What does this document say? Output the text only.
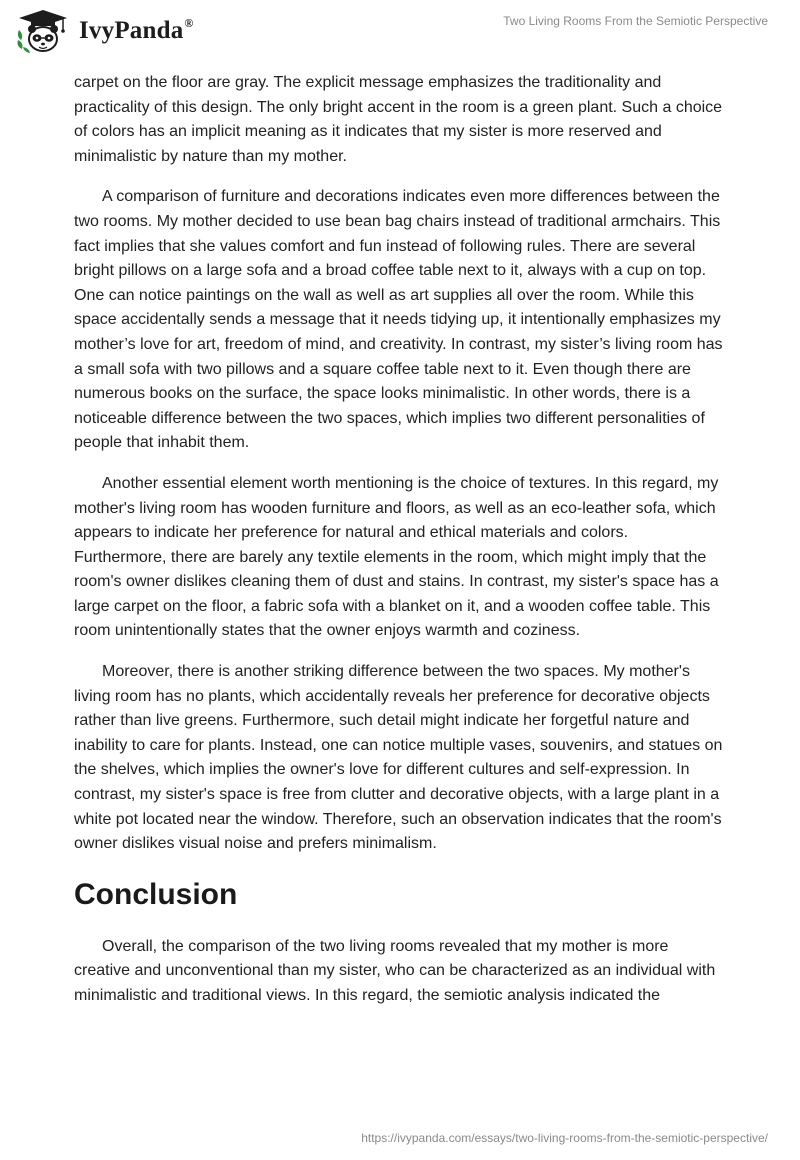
IvyPanda®	Two Living Rooms From the Semiotic Perspective

carpet on the floor are gray. The explicit message emphasizes the traditionality and practicality of this design. The only bright accent in the room is a green plant. Such a choice of colors has an implicit meaning as it indicates that my sister is more reserved and minimalistic by nature than my mother.

A comparison of furniture and decorations indicates even more differences between the two rooms. My mother decided to use bean bag chairs instead of traditional armchairs. This fact implies that she values comfort and fun instead of following rules. There are several bright pillows on a large sofa and a broad coffee table next to it, always with a cup on top. One can notice paintings on the wall as well as art supplies all over the room. While this space accidentally sends a message that it needs tidying up, it intentionally emphasizes my mother’s love for art, freedom of mind, and creativity. In contrast, my sister’s living room has a small sofa with two pillows and a square coffee table next to it. Even though there are numerous books on the surface, the space looks minimalistic. In other words, there is a noticeable difference between the two spaces, which implies two different personalities of people that inhabit them.

Another essential element worth mentioning is the choice of textures. In this regard, my mother's living room has wooden furniture and floors, as well as an eco-leather sofa, which appears to indicate her preference for natural and ethical materials and colors. Furthermore, there are barely any textile elements in the room, which might imply that the room's owner dislikes cleaning them of dust and stains. In contrast, my sister's space has a large carpet on the floor, a fabric sofa with a blanket on it, and a wooden coffee table. This room unintentionally states that the owner enjoys warmth and coziness.

Moreover, there is another striking difference between the two spaces. My mother's living room has no plants, which accidentally reveals her preference for decorative objects rather than live greens. Furthermore, such detail might indicate her forgetful nature and inability to care for plants. Instead, one can notice multiple vases, souvenirs, and statues on the shelves, which implies the owner's love for different cultures and self-expression. In contrast, my sister's space is free from clutter and decorative objects, with a large plant in a white pot located near the window. Therefore, such an observation indicates that the room's owner dislikes visual noise and prefers minimalism.

Conclusion

Overall, the comparison of the two living rooms revealed that my mother is more creative and unconventional than my sister, who can be characterized as an individual with minimalistic and traditional views. In this regard, the semiotic analysis indicated the

https://ivypanda.com/essays/two-living-rooms-from-the-semiotic-perspective/
